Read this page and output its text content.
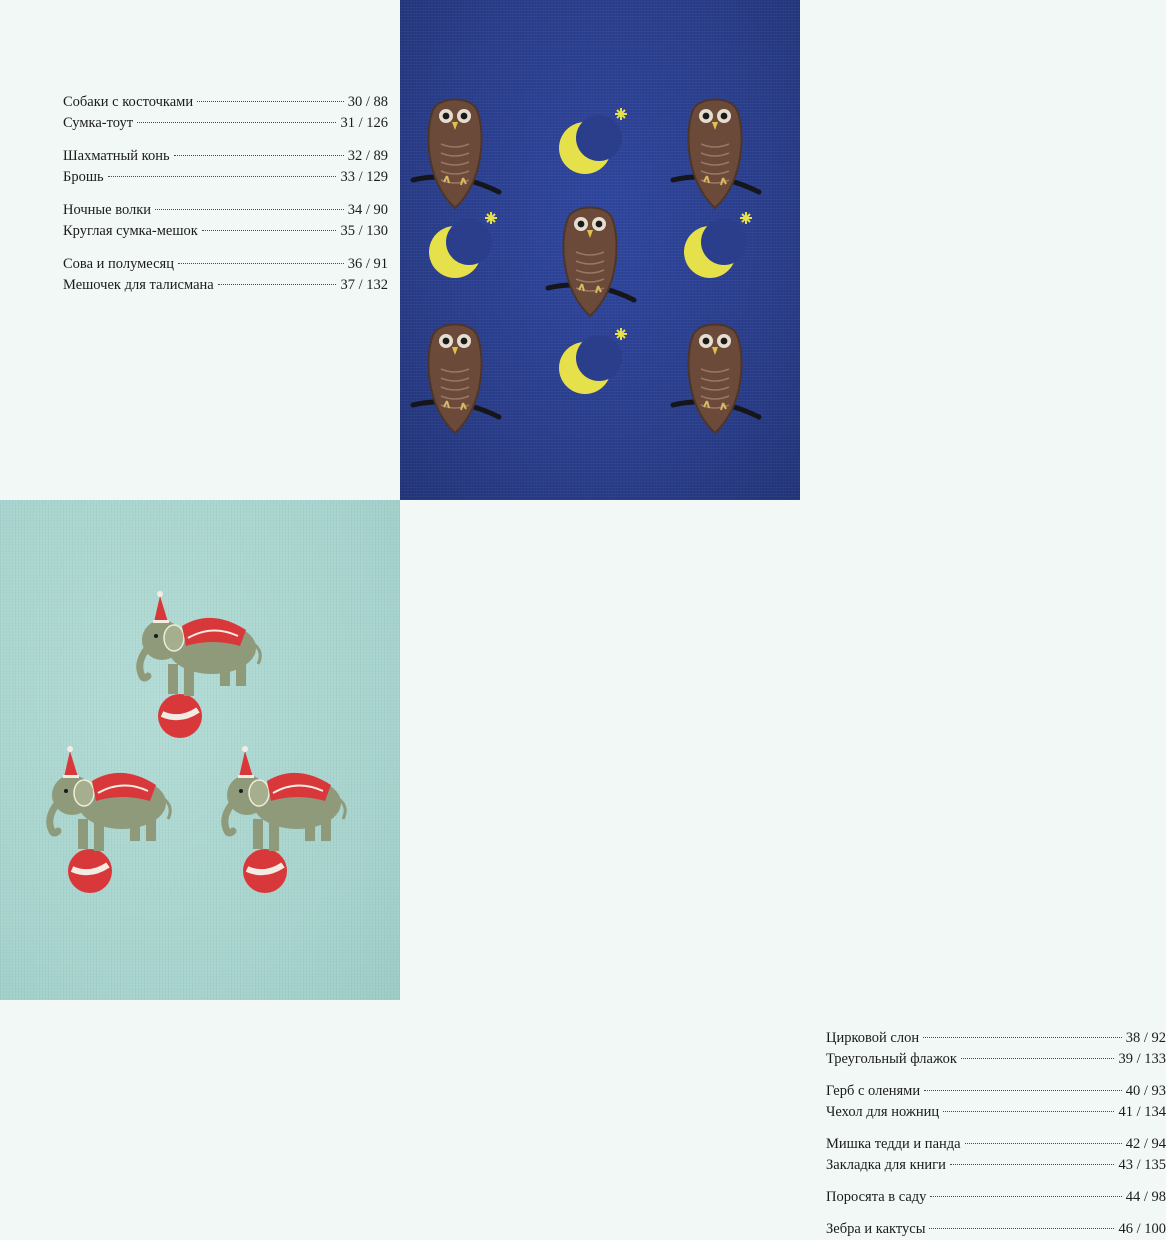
Собаки с косточками	30 / 88
Сумка-тоут	31 / 126
Шахматный конь	32 / 89
Брошь	33 / 129
Ночные волки	34 / 90
Круглая сумка-мешок	35 / 130
Сова и полумесяц	36 / 91
Мешочек для талисмана	37 / 132
Цирковой слон	38 / 92
Треугольный флажок	39 / 133
Герб с оленями	40 / 93
Чехол для ножниц	41 / 134
Мишка тедди и панда	42 / 94
Закладка для книги	43 / 135
Поросята в саду	44 / 98
Зебра и кактусы	46 / 100
